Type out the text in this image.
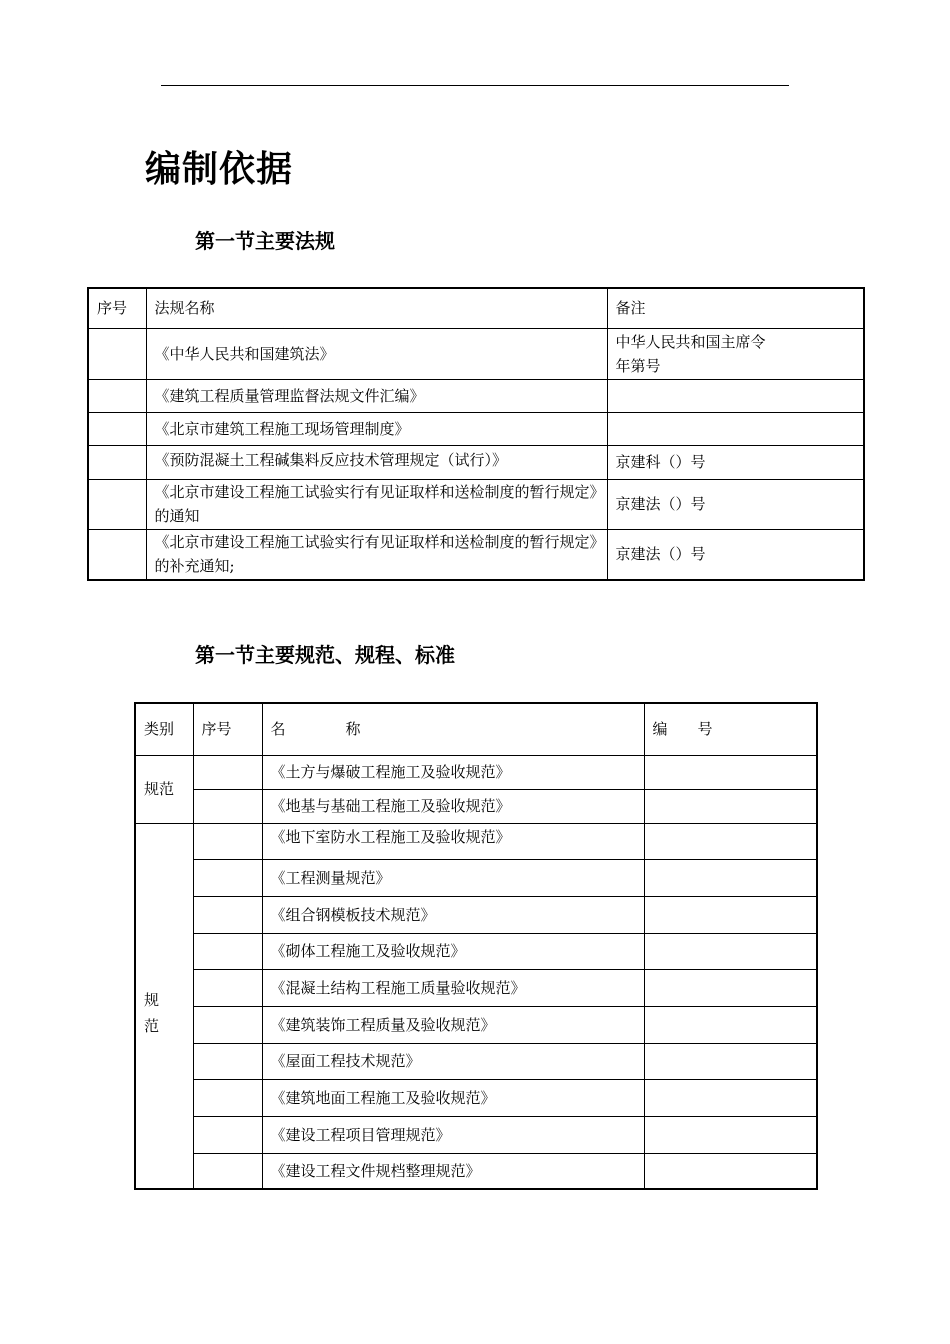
编制依据
第一节主要法规
序号	法规名称	备注
	《中华人民共和国建筑法》	中华人民共和国主席令
年第号

	《建筑工程质量管理监督法规文件汇编》	
	《北京市建筑工程施工现场管理制度》	
	《预防混凝土工程碱集料反应技术管理规定（试行）》	京建科（）号
	《北京市建设工程施工试验实行有见证取样和送检制度的暂行规定》的通知	京建法（）号
	《北京市建设工程施工试验实行有见证取样和送检制度的暂行规定》的补充通知;	京建法（）号
第一节主要规范、规程、标准
类别	序号	名　　　　称	编　　号
规范		《土方与爆破工程施工及验收规范》	
		《地基与基础工程施工及验收规范》	

规范		《地下室防水工程施工及验收规范》	
		《工程测量规范》	
		《组合钢模板技术规范》	
		《砌体工程施工及验收规范》	
		《混凝土结构工程施工质量验收规范》	
		《建筑装饰工程质量及验收规范》	
		《屋面工程技术规范》	
		《建筑地面工程施工及验收规范》	
		《建设工程项目管理规范》	
		《建设工程文件规档整理规范》	
